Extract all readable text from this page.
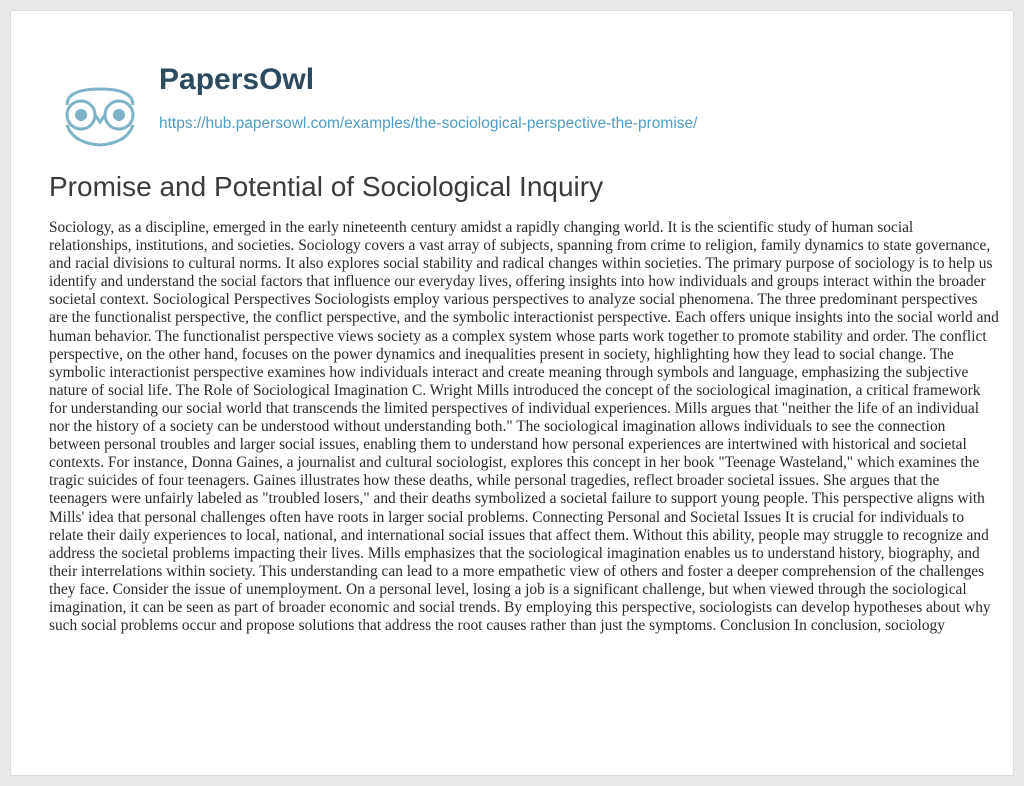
PapersOwl
https://hub.papersowl.com/examples/the-sociological-perspective-the-promise/
Promise and Potential of Sociological Inquiry

Sociology, as a discipline, emerged in the early nineteenth century amidst a rapidly changing world. It is the scientific study of human social relationships, institutions, and societies. Sociology covers a vast array of subjects, spanning from crime to religion, family dynamics to state governance, and racial divisions to cultural norms. It also explores social stability and radical changes within societies. The primary purpose of sociology is to help us identify and understand the social factors that influence our everyday lives, offering insights into how individuals and groups interact within the broader societal context. Sociological Perspectives Sociologists employ various perspectives to analyze social phenomena. The three predominant perspectives are the functionalist perspective, the conflict perspective, and the symbolic interactionist perspective. Each offers unique insights into the social world and human behavior. The functionalist perspective views society as a complex system whose parts work together to promote stability and order. The conflict perspective, on the other hand, focuses on the power dynamics and inequalities present in society, highlighting how they lead to social change. The symbolic interactionist perspective examines how individuals interact and create meaning through symbols and language, emphasizing the subjective nature of social life. The Role of Sociological Imagination C. Wright Mills introduced the concept of the sociological imagination, a critical framework for understanding our social world that transcends the limited perspectives of individual experiences. Mills argues that "neither the life of an individual nor the history of a society can be understood without understanding both." The sociological imagination allows individuals to see the connection between personal troubles and larger social issues, enabling them to understand how personal experiences are intertwined with historical and societal contexts. For instance, Donna Gaines, a journalist and cultural sociologist, explores this concept in her book "Teenage Wasteland," which examines the tragic suicides of four teenagers. Gaines illustrates how these deaths, while personal tragedies, reflect broader societal issues. She argues that the teenagers were unfairly labeled as "troubled losers," and their deaths symbolized a societal failure to support young people. This perspective aligns with Mills' idea that personal challenges often have roots in larger social problems. Connecting Personal and Societal Issues It is crucial for individuals to relate their daily experiences to local, national, and international social issues that affect them. Without this ability, people may struggle to recognize and address the societal problems impacting their lives. Mills emphasizes that the sociological imagination enables us to understand history, biography, and their interrelations within society. This understanding can lead to a more empathetic view of others and foster a deeper comprehension of the challenges they face. Consider the issue of unemployment. On a personal level, losing a job is a significant challenge, but when viewed through the sociological imagination, it can be seen as part of broader economic and social trends. By employing this perspective, sociologists can develop hypotheses about why such social problems occur and propose solutions that address the root causes rather than just the symptoms. Conclusion In conclusion, sociology
